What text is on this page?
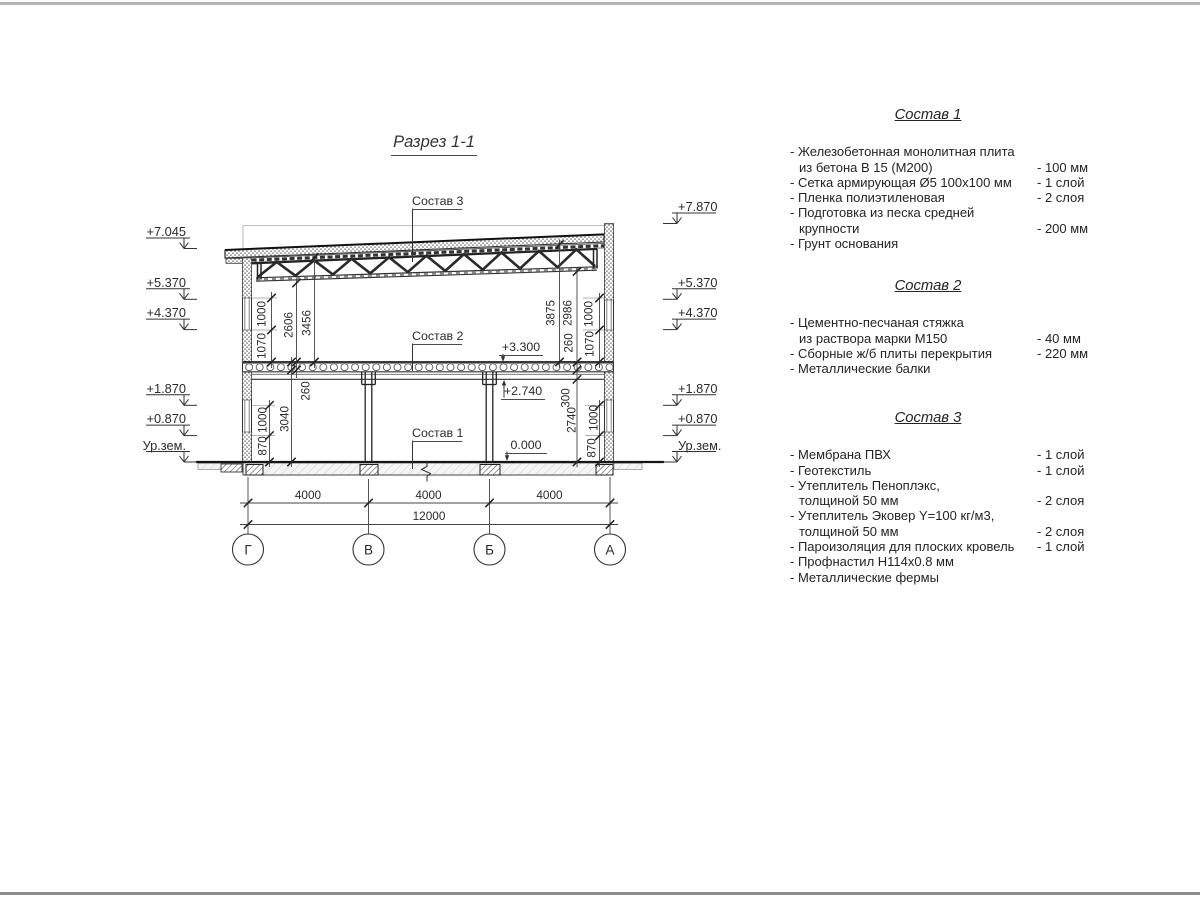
Разрез 1-1
Состав 3
Состав 2
Состав 1
+3.300
+2.740
0.000
+7.045
+5.370
+4.370
+1.870
+0.870
Ур.зем.
+7.870
+5.370
+4.370
+1.870
+0.870
Ур.зем.
1000
1070
2606 3456
260
3040
1000
870
3875 2986 1000
260 1070
300
2740 1000
870
4000	4000	4000
12000
Г	В	Б	А
Состав 1
- Железобетонная монолитная плита
из бетона В 15 (М200)	- 100 мм
- Сетка армирующая Ø5 100х100 мм	- 1 слой
- Пленка полиэтиленовая	- 2 слоя
- Подготовка из песка средней
крупности	- 200 мм
- Грунт основания
Состав 2
- Цементно-песчаная стяжка
из раствора марки М150	- 40 мм
- Сборные ж/б плиты перекрытия	- 220 мм
- Металлические балки
Состав 3
- Мембрана ПВХ	- 1 слой
- Геотекстиль	- 1 слой
- Утеплитель Пеноплэкс,
толщиной 50 мм	- 2 слоя
- Утеплитель Эковер Y=100 кг/м3,
толщиной 50 мм	- 2 слоя
- Пароизоляция для плоских кровель	- 1 слой
- Профнастил Н114х0.8 мм
- Металлические фермы
